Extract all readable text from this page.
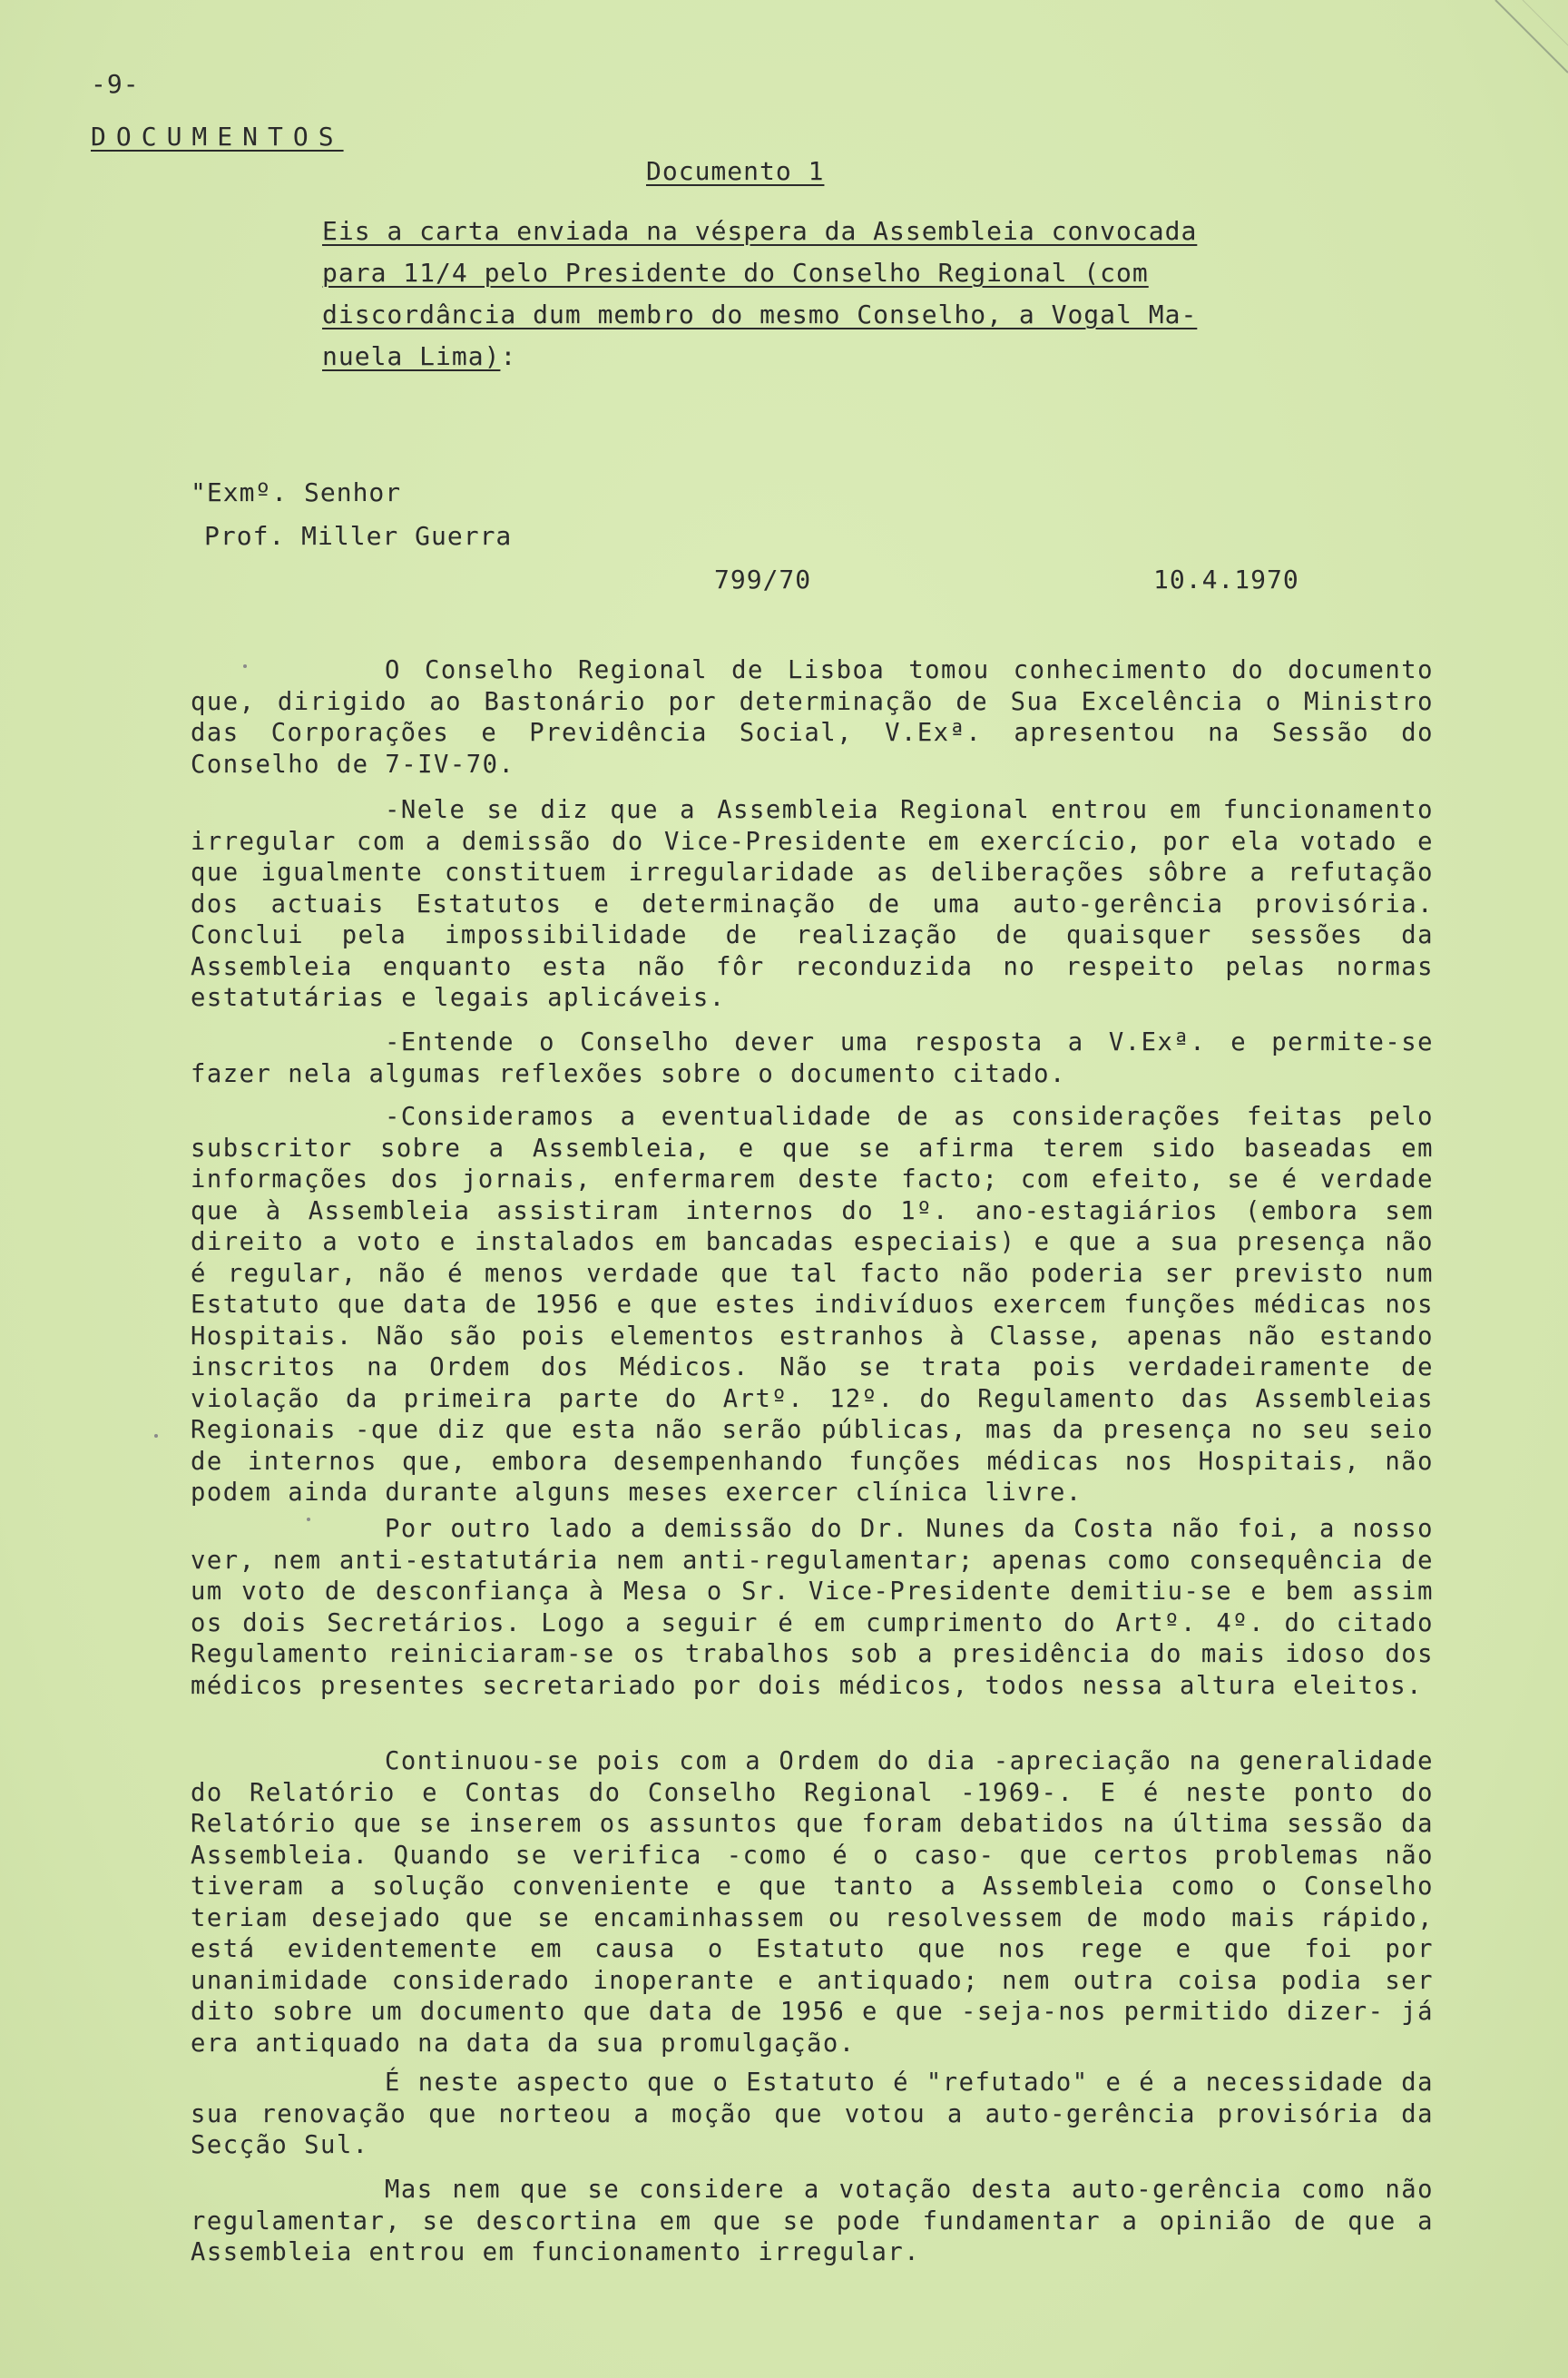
-9-
DOCUMENTOS
Documento 1
Eis a carta enviada na véspera da Assembleia convocada
para 11/4 pelo Presidente do Conselho Regional (com
discordância dum membro do mesmo Conselho, a Vogal Ma-
nuela Lima):
"Exmº. Senhor
Prof. Miller Guerra
799/70	10.4.1970
O Conselho Regional de Lisboa tomou conhecimento do documento que, dirigido ao Bastonário por determinação de Sua Excelência o Ministro das Corporações e Previdência Social, V.Exª. apresentou na Sessão do Conselho de 7-IV-70.
-Nele se diz que a Assembleia Regional entrou em funcionamento irregular com a demissão do Vice-Presidente em exercício, por ela votado e que igualmente constituem irregularidade as deliberações sôbre a refutação dos actuais Estatutos e determinação de uma auto-gerência provisória. Conclui pela impossibilidade de realização de quaisquer sessões da Assembleia enquanto esta não fôr reconduzida no respeito pelas normas estatutárias e legais aplicáveis.
-Entende o Conselho dever uma resposta a V.Exª. e permite-se fazer nela algumas reflexões sobre o documento citado.
-Consideramos a eventualidade de as considerações feitas pelo subscritor sobre a Assembleia, e que se afirma terem sido baseadas em informações dos jornais, enfermarem deste facto; com efeito, se é verdade que à Assembleia assistiram internos do 1º. ano-estagiários (embora sem direito a voto e instalados em bancadas especiais) e que a sua presença não é regular, não é menos verdade que tal facto não poderia ser previsto num Estatuto que data de 1956 e que estes indivíduos exercem funções médicas nos Hospitais. Não são pois elementos estranhos à Classe, apenas não estando inscritos na Ordem dos Médicos. Não se trata pois verdadeiramente de violação da primeira parte do Artº. 12º. do Regulamento das Assembleias Regionais -que diz que esta não serão públicas, mas da presença no seu seio de internos que, embora desempenhando funções médicas nos Hospitais, não podem ainda durante alguns meses exercer clínica livre.
Por outro lado a demissão do Dr. Nunes da Costa não foi, a nosso ver, nem anti-estatutária nem anti-regulamentar; apenas como consequência de um voto de desconfiança à Mesa o Sr. Vice-Presidente demitiu-se e bem assim os dois Secretários. Logo a seguir é em cumprimento do Artº. 4º. do citado Regulamento reiniciaram-se os trabalhos sob a presidência do mais idoso dos médicos presentes secretariado por dois médicos, todos nessa altura eleitos.
Continuou-se pois com a Ordem do dia -apreciação na generalidade do Relatório e Contas do Conselho Regional -1969-. E é neste ponto do Relatório que se inserem os assuntos que foram debatidos na última sessão da Assembleia. Quando se verifica -como é o caso- que certos problemas não tiveram a solução conveniente e que tanto a Assembleia como o Conselho teriam desejado que se encaminhassem ou resolvessem de modo mais rápido, está evidentemente em causa o Estatuto que nos rege e que foi por unanimidade considerado inoperante e antiquado; nem outra coisa podia ser dito sobre um documento que data de 1956 e que -seja-nos permitido dizer- já era antiquado na data da sua promulgação.
É neste aspecto que o Estatuto é "refutado" e é a necessidade da sua renovação que norteou a moção que votou a auto-gerência provisória da Secção Sul.
Mas nem que se considere a votação desta auto-gerência como não regulamentar, se descortina em que se pode fundamentar a opinião de que a Assembleia entrou em funcionamento irregular.
